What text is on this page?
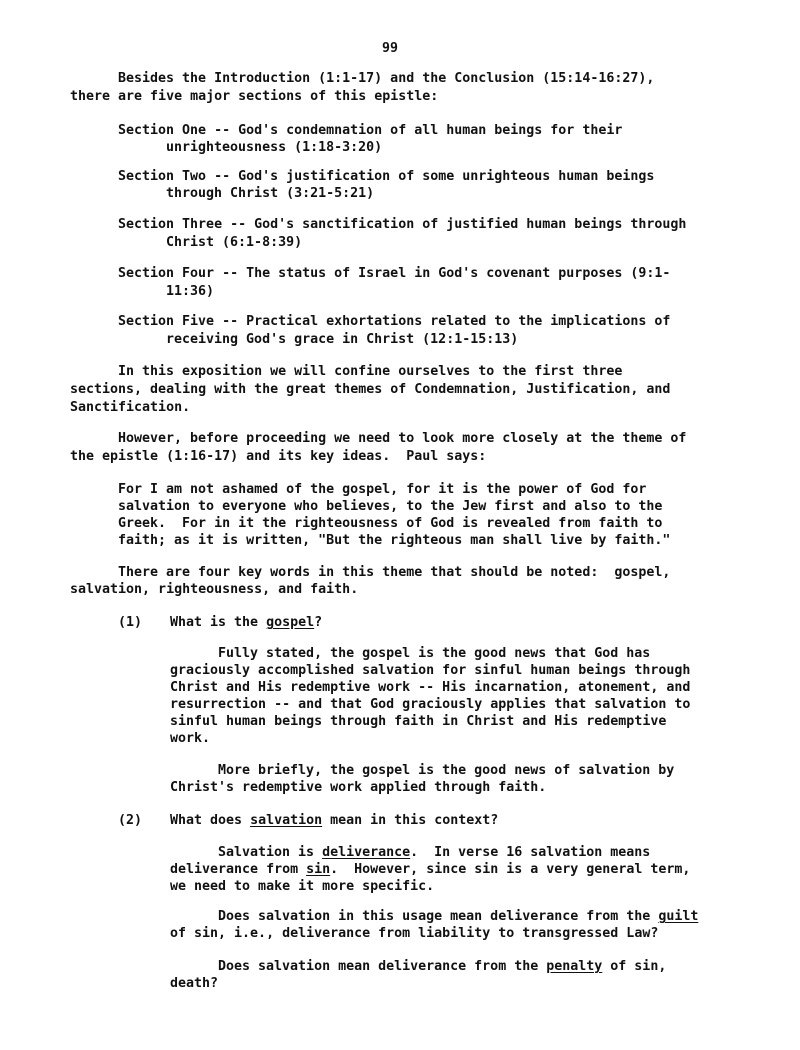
99
Besides the Introduction (1:1-17) and the Conclusion (15:14-16:27),
there are five major sections of this epistle:
Section One -- God's condemnation of all human beings for their
unrighteousness (1:18-3:20)
Section Two -- God's justification of some unrighteous human beings
through Christ (3:21-5:21)
Section Three -- God's sanctification of justified human beings through
Christ (6:1-8:39)
Section Four -- The status of Israel in God's covenant purposes (9:1-
11:36)
Section Five -- Practical exhortations related to the implications of
receiving God's grace in Christ (12:1-15:13)
In this exposition we will confine ourselves to the first three
sections, dealing with the great themes of Condemnation, Justification, and
Sanctification.
However, before proceeding we need to look more closely at the theme of
the epistle (1:16-17) and its key ideas.  Paul says:
For I am not ashamed of the gospel, for it is the power of God for
salvation to everyone who believes, to the Jew first and also to the
Greek.  For in it the righteousness of God is revealed from faith to
faith; as it is written, "But the righteous man shall live by faith."
There are four key words in this theme that should be noted:  gospel,
salvation, righteousness, and faith.
(1) What is the gospel?
Fully stated, the gospel is the good news that God has
graciously accomplished salvation for sinful human beings through
Christ and His redemptive work -- His incarnation, atonement, and
resurrection -- and that God graciously applies that salvation to
sinful human beings through faith in Christ and His redemptive
work.
More briefly, the gospel is the good news of salvation by
Christ's redemptive work applied through faith.
(2) What does salvation mean in this context?
Salvation is deliverance.  In verse 16 salvation means
deliverance from sin.  However, since sin is a very general term,
we need to make it more specific.
Does salvation in this usage mean deliverance from the guilt
of sin, i.e., deliverance from liability to transgressed Law?
Does salvation mean deliverance from the penalty of sin,
death?
